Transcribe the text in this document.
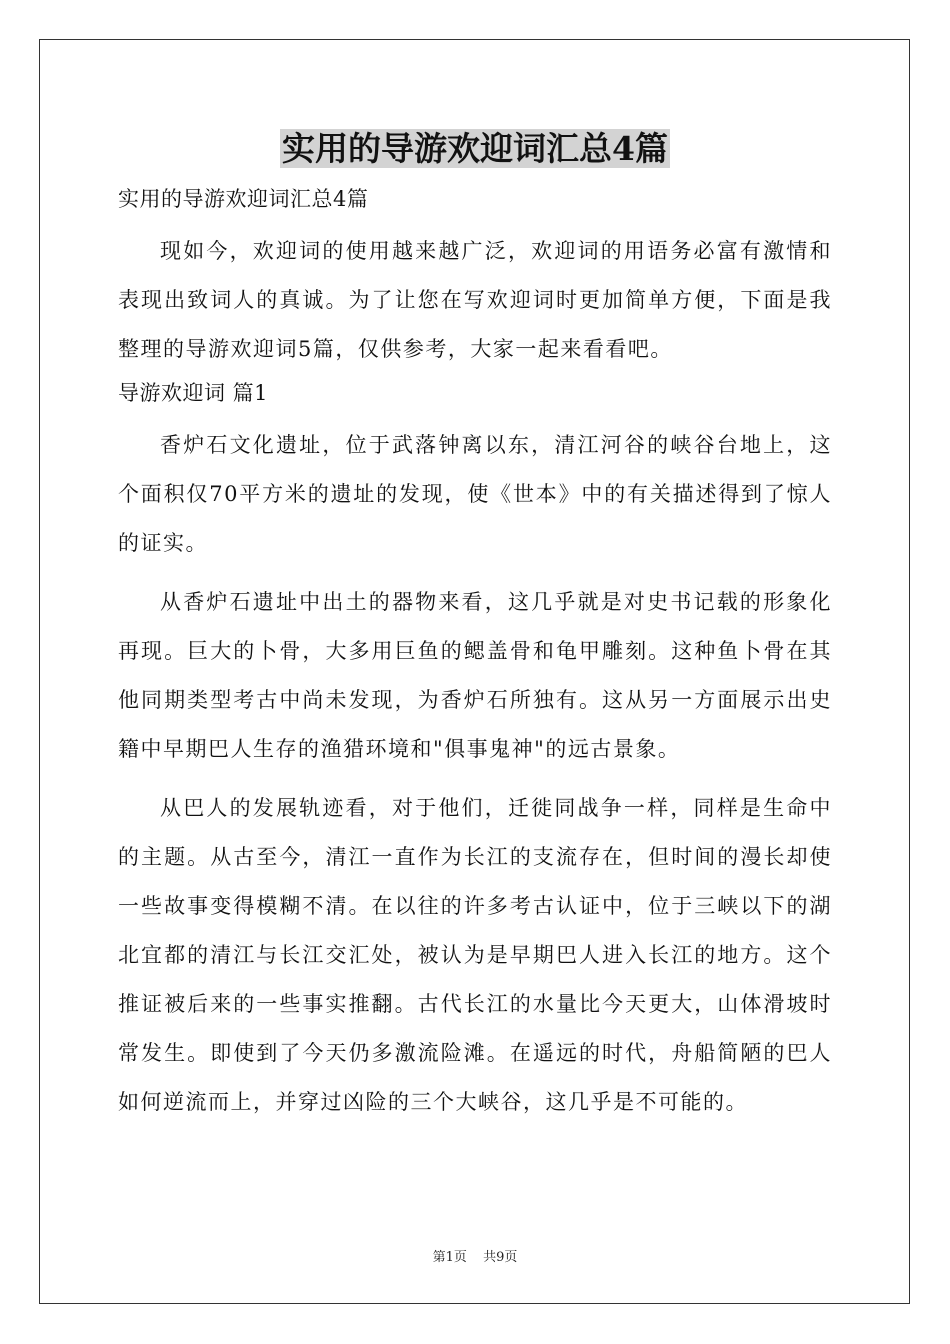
实用的导游欢迎词汇总4篇

实用的导游欢迎词汇总4篇

现如今，欢迎词的使用越来越广泛，欢迎词的用语务必富有激情和表现出致词人的真诚。为了让您在写欢迎词时更加简单方便，下面是我整理的导游欢迎词5篇，仅供参考，大家一起来看看吧。

导游欢迎词 篇1

香炉石文化遗址，位于武落钟离以东，清江河谷的峡谷台地上，这个面积仅70平方米的遗址的发现，使《世本》中的有关描述得到了惊人的证实。

从香炉石遗址中出土的器物来看，这几乎就是对史书记载的形象化再现。巨大的卜骨，大多用巨鱼的鳃盖骨和龟甲雕刻。这种鱼卜骨在其他同期类型考古中尚未发现，为香炉石所独有。这从另一方面展示出史籍中早期巴人生存的渔猎环境和"俱事鬼神"的远古景象。

从巴人的发展轨迹看，对于他们，迁徙同战争一样，同样是生命中的主题。从古至今，清江一直作为长江的支流存在，但时间的漫长却使一些故事变得模糊不清。在以往的许多考古认证中，位于三峡以下的湖北宜都的清江与长江交汇处，被认为是早期巴人进入长江的地方。这个推证被后来的一些事实推翻。古代长江的水量比今天更大，山体滑坡时常发生。即使到了今天仍多激流险滩。在遥远的时代，舟船简陋的巴人如何逆流而上，并穿过凶险的三个大峡谷，这几乎是不可能的。

第1页 共9页
